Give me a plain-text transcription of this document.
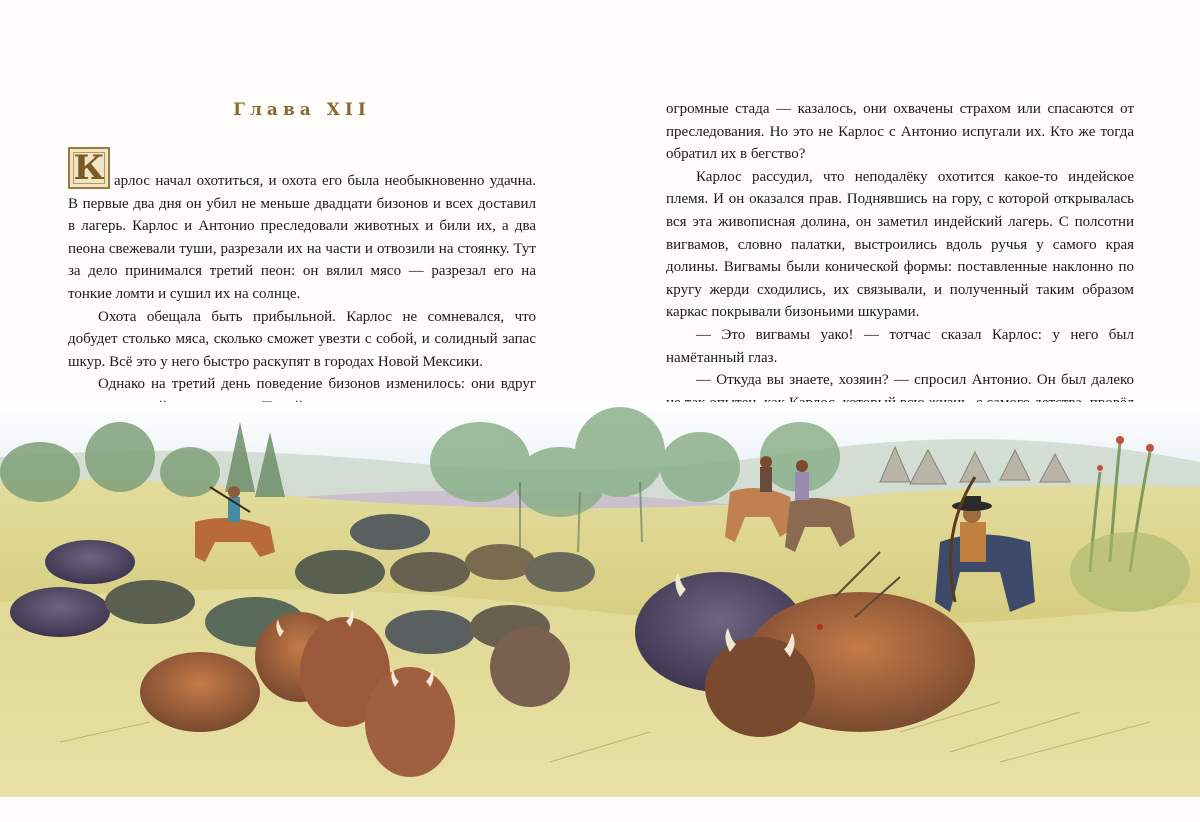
Глава XII
К арлос начал охотиться, и охота его была необыкновенно удачна. В первые два дня он убил не меньше двадцати бизонов и всех доставил в лагерь. Карлос и Антонио преследовали животных и били их, а два пеона свежевали туши, разрезали их на части и отвозили на стоянку. Тут за дело принимался третий пеон: он вялил мясо — разрезал его на тонкие ломти и сушил их на солнце.

Охота обещала быть прибыльной. Карлос не сомневался, что добудет столько мяса, сколько сможет увезти с собой, и солидный запас шкур. Всё это у него быстро раскупят в городах Новой Мексики.

Однако на третий день поведение бизонов изменилось: они вдруг

огромные стада — казалось, они охвачены страхом или спасаются от преследования. Но это не Карлос с Антонио испугали их. Кто же тогда обратил их в бегство?

Карлос рассудил, что неподалёку охотится какое-то индейское племя. И он оказался прав. Поднявшись на гору, с которой открывалась вся эта живописная долина, он заметил индейский лагерь. С полсотни вигвамов, словно палатки, выстроились вдоль ручья у самого края долины. Вигвамы были конической формы: поставленные наклонно по кругу жерди сходились, их связывали, и полученный таким образом каркас покрывали бизоньими шкурами.

— Это вигвамы уако! — тотчас сказал Карлос: у него был намётанный глаз.

— Откуда вы знаете, хозяин? — спросил Антонио. Он был далеко
